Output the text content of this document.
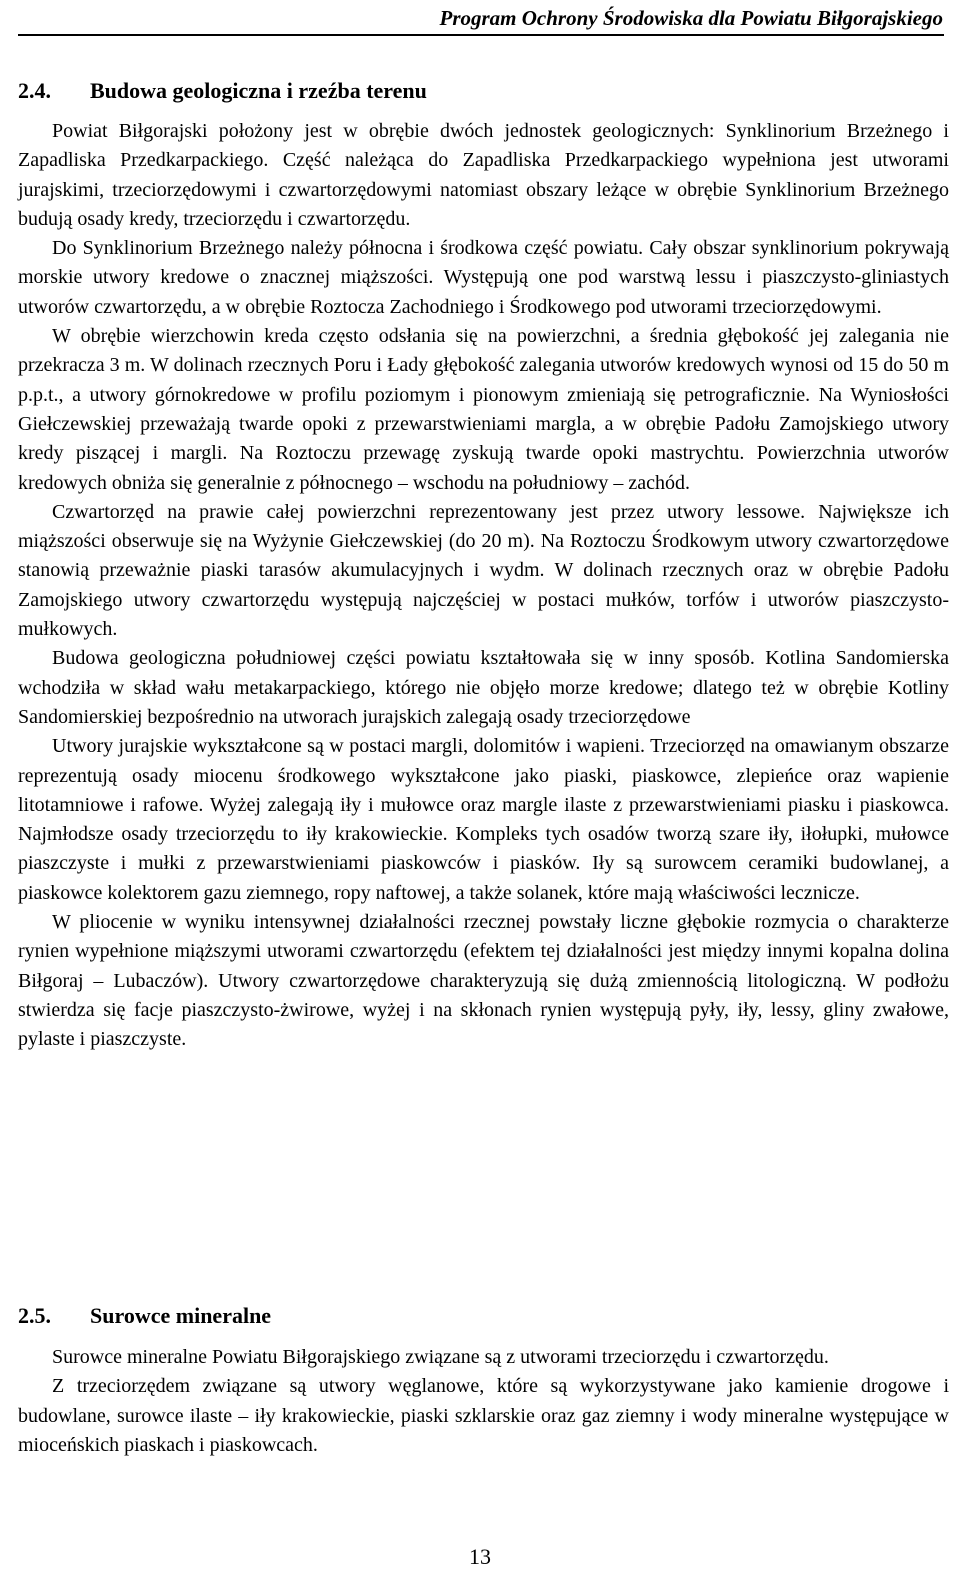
Program Ochrony Środowiska dla Powiatu Biłgorajskiego
2.4. Budowa geologiczna i rzeźba terenu

Powiat Biłgorajski położony jest w obrębie dwóch jednostek geologicznych: Synklinorium Brzeżnego i Zapadliska Przedkarpackiego. Część należąca do Zapadliska Przedkarpackiego wypełniona jest utworami jurajskimi, trzeciorzędowymi i czwartorzędowymi natomiast obszary leżące w obrębie Synklinorium Brzeżnego budują osady kredy, trzeciorzędu i czwartorzędu.

Do Synklinorium Brzeżnego należy północna i środkowa część powiatu. Cały obszar synklinorium pokrywają morskie utwory kredowe o znacznej miąższości. Występują one pod warstwą lessu i piaszczysto-gliniastych utworów czwartorzędu, a w obrębie Roztocza Zachodniego i Środkowego pod utworami trzeciorzędowymi.

W obrębie wierzchowin kreda często odsłania się na powierzchni, a średnia głębokość jej zalegania nie przekracza 3 m. W dolinach rzecznych Poru i Łady głębokość zalegania utworów kredowych wynosi od 15 do 50 m p.p.t., a utwory górnokredowe w profilu poziomym i pionowym zmieniają się petrograficznie. Na Wyniosłości Giełczewskiej przeważają twarde opoki z przewarstwieniami margla, a w obrębie Padołu Zamojskiego utwory kredy piszącej i margli. Na Roztoczu przewagę zyskują twarde opoki mastrychtu. Powierzchnia utworów kredowych obniża się generalnie z północnego – wschodu na południowy – zachód.

Czwartorzęd na prawie całej powierzchni reprezentowany jest przez utwory lessowe. Największe ich miąższości obserwuje się na Wyżynie Giełczewskiej (do 20 m). Na Roztoczu Środkowym utwory czwartorzędowe stanowią przeważnie piaski tarasów akumulacyjnych i wydm. W dolinach rzecznych oraz w obrębie Padołu Zamojskiego utwory czwartorzędu występują najczęściej w postaci mułków, torfów i utworów piaszczysto-mułkowych.

Budowa geologiczna południowej części powiatu kształtowała się w inny sposób. Kotlina Sandomierska wchodziła w skład wału metakarpackiego, którego nie objęło morze kredowe; dlatego też w obrębie Kotliny Sandomierskiej bezpośrednio na utworach jurajskich zalegają osady trzeciorzędowe

Utwory jurajskie wykształcone są w postaci margli, dolomitów i wapieni. Trzeciorzęd na omawianym obszarze reprezentują osady miocenu środkowego wykształcone jako piaski, piaskowce, zlepieńce oraz wapienie litotamniowe i rafowe. Wyżej zalegają iły i mułowce oraz margle ilaste z przewarstwieniami piasku i piaskowca. Najmłodsze osady trzeciorzędu to iły krakowieckie. Kompleks tych osadów tworzą szare iły, iłołupki, mułowce piaszczyste i mułki z przewarstwieniami piaskowców i piasków. Iły są surowcem ceramiki budowlanej, a piaskowce kolektorem gazu ziemnego, ropy naftowej, a także solanek, które mają właściwości lecznicze.

W pliocenie w wyniku intensywnej działalności rzecznej powstały liczne głębokie rozmycia o charakterze rynien wypełnione miąższymi utworami czwartorzędu (efektem tej działalności jest między innymi kopalna dolina Biłgoraj – Lubaczów). Utwory czwartorzędowe charakteryzują się dużą zmiennością litologiczną. W podłożu stwierdza się facje piaszczysto-żwirowe, wyżej i na skłonach rynien występują pyły, iły, lessy, gliny zwałowe, pylaste i piaszczyste.

2.5. Surowce mineralne

Surowce mineralne Powiatu Biłgorajskiego związane są z utworami trzeciorzędu i czwartorzędu.

Z trzeciorzędem związane są utwory węglanowe, które są wykorzystywane jako kamienie drogowe i budowlane, surowce ilaste – iły krakowieckie, piaski szklarskie oraz gaz ziemny i wody mineralne występujące w mioceńskich piaskach i piaskowcach.

13
